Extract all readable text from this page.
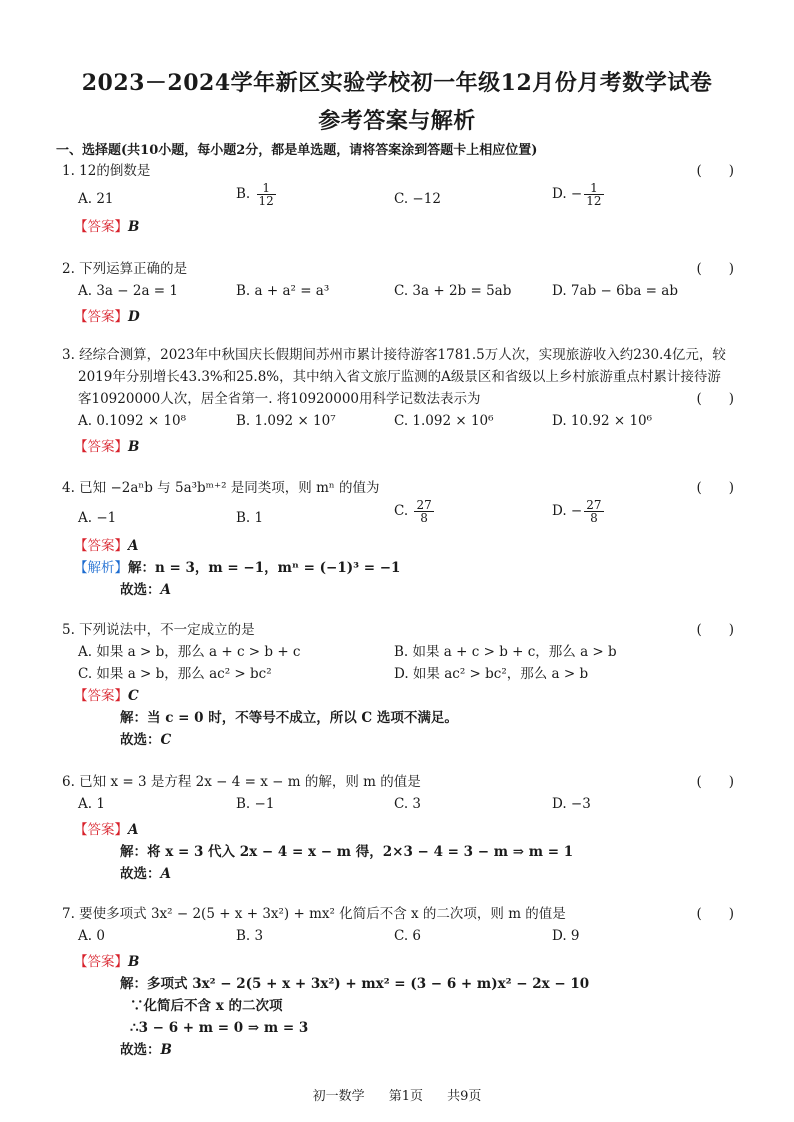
2023－2024学年新区实验学校初一年级12月份月考数学试卷
参考答案与解析
一、选择题(共10小题，每小题2分，都是单选题，请将答案涂到答题卡上相应位置)
1. 12的倒数是	(　　)
A. 21	B. $\frac{1}{12}$	C. −12	D. − $\frac{1}{12}$
【答案】B
2. 下列运算正确的是	(　　)
A. 3a − 2a = 1	B. a + a² = a³	C. 3a + 2b = 5ab	D. 7ab − 6ba = ab
【答案】D
3. 经综合测算，2023年中秋国庆长假期间苏州市累计接待游客1781.5万人次，实现旅游收入约230.4亿元，较
2019年分别增长43.3%和25.8%，其中纳入省文旅厅监测的A级景区和省级以上乡村旅游重点村累计接待游
客10920000人次，居全省第一. 将10920000用科学记数法表示为	(　　)
A. 0.1092 × 10⁸	B. 1.092 × 10⁷	C. 1.092 × 10⁶	D. 10.92 × 10⁶
【答案】B
4. 已知 −2aⁿb 与 5a³bᵐ⁺² 是同类项，则 mⁿ 的值为	(　　)
A. −1	B. 1	C. $\frac{27}{8}$	D. − $\frac{27}{8}$
【答案】A
【解析】解：n = 3，m = −1，mⁿ = (−1)³ = −1
故选：A
5. 下列说法中，不一定成立的是	(　　)
A. 如果 a > b，那么 a + c > b + c	B. 如果 a + c > b + c，那么 a > b
C. 如果 a > b，那么 ac² > bc²	D. 如果 ac² > bc²，那么 a > b
【答案】C
解：当 c = 0 时，不等号不成立，所以 C 选项不满足。
故选：C
6. 已知 x = 3 是方程 2x − 4 = x − m 的解，则 m 的值是	(　　)
A. 1	B. −1	C. 3	D. −3
【答案】A
解：将 x = 3 代入 2x − 4 = x − m 得，2×3 − 4 = 3 − m ⇒ m = 1
故选：A
7. 要使多项式 3x² − 2(5 + x + 3x²) + mx² 化简后不含 x 的二次项，则 m 的值是	(　　)
A. 0	B. 3	C. 6	D. 9
【答案】B
解：多项式 3x² − 2(5 + x + 3x²) + mx² = (3 − 6 + m)x² − 2x − 10
∵化简后不含 x 的二次项
∴3 − 6 + m = 0 ⇒ m = 3
故选：B
初一数学 第1页 共9页
